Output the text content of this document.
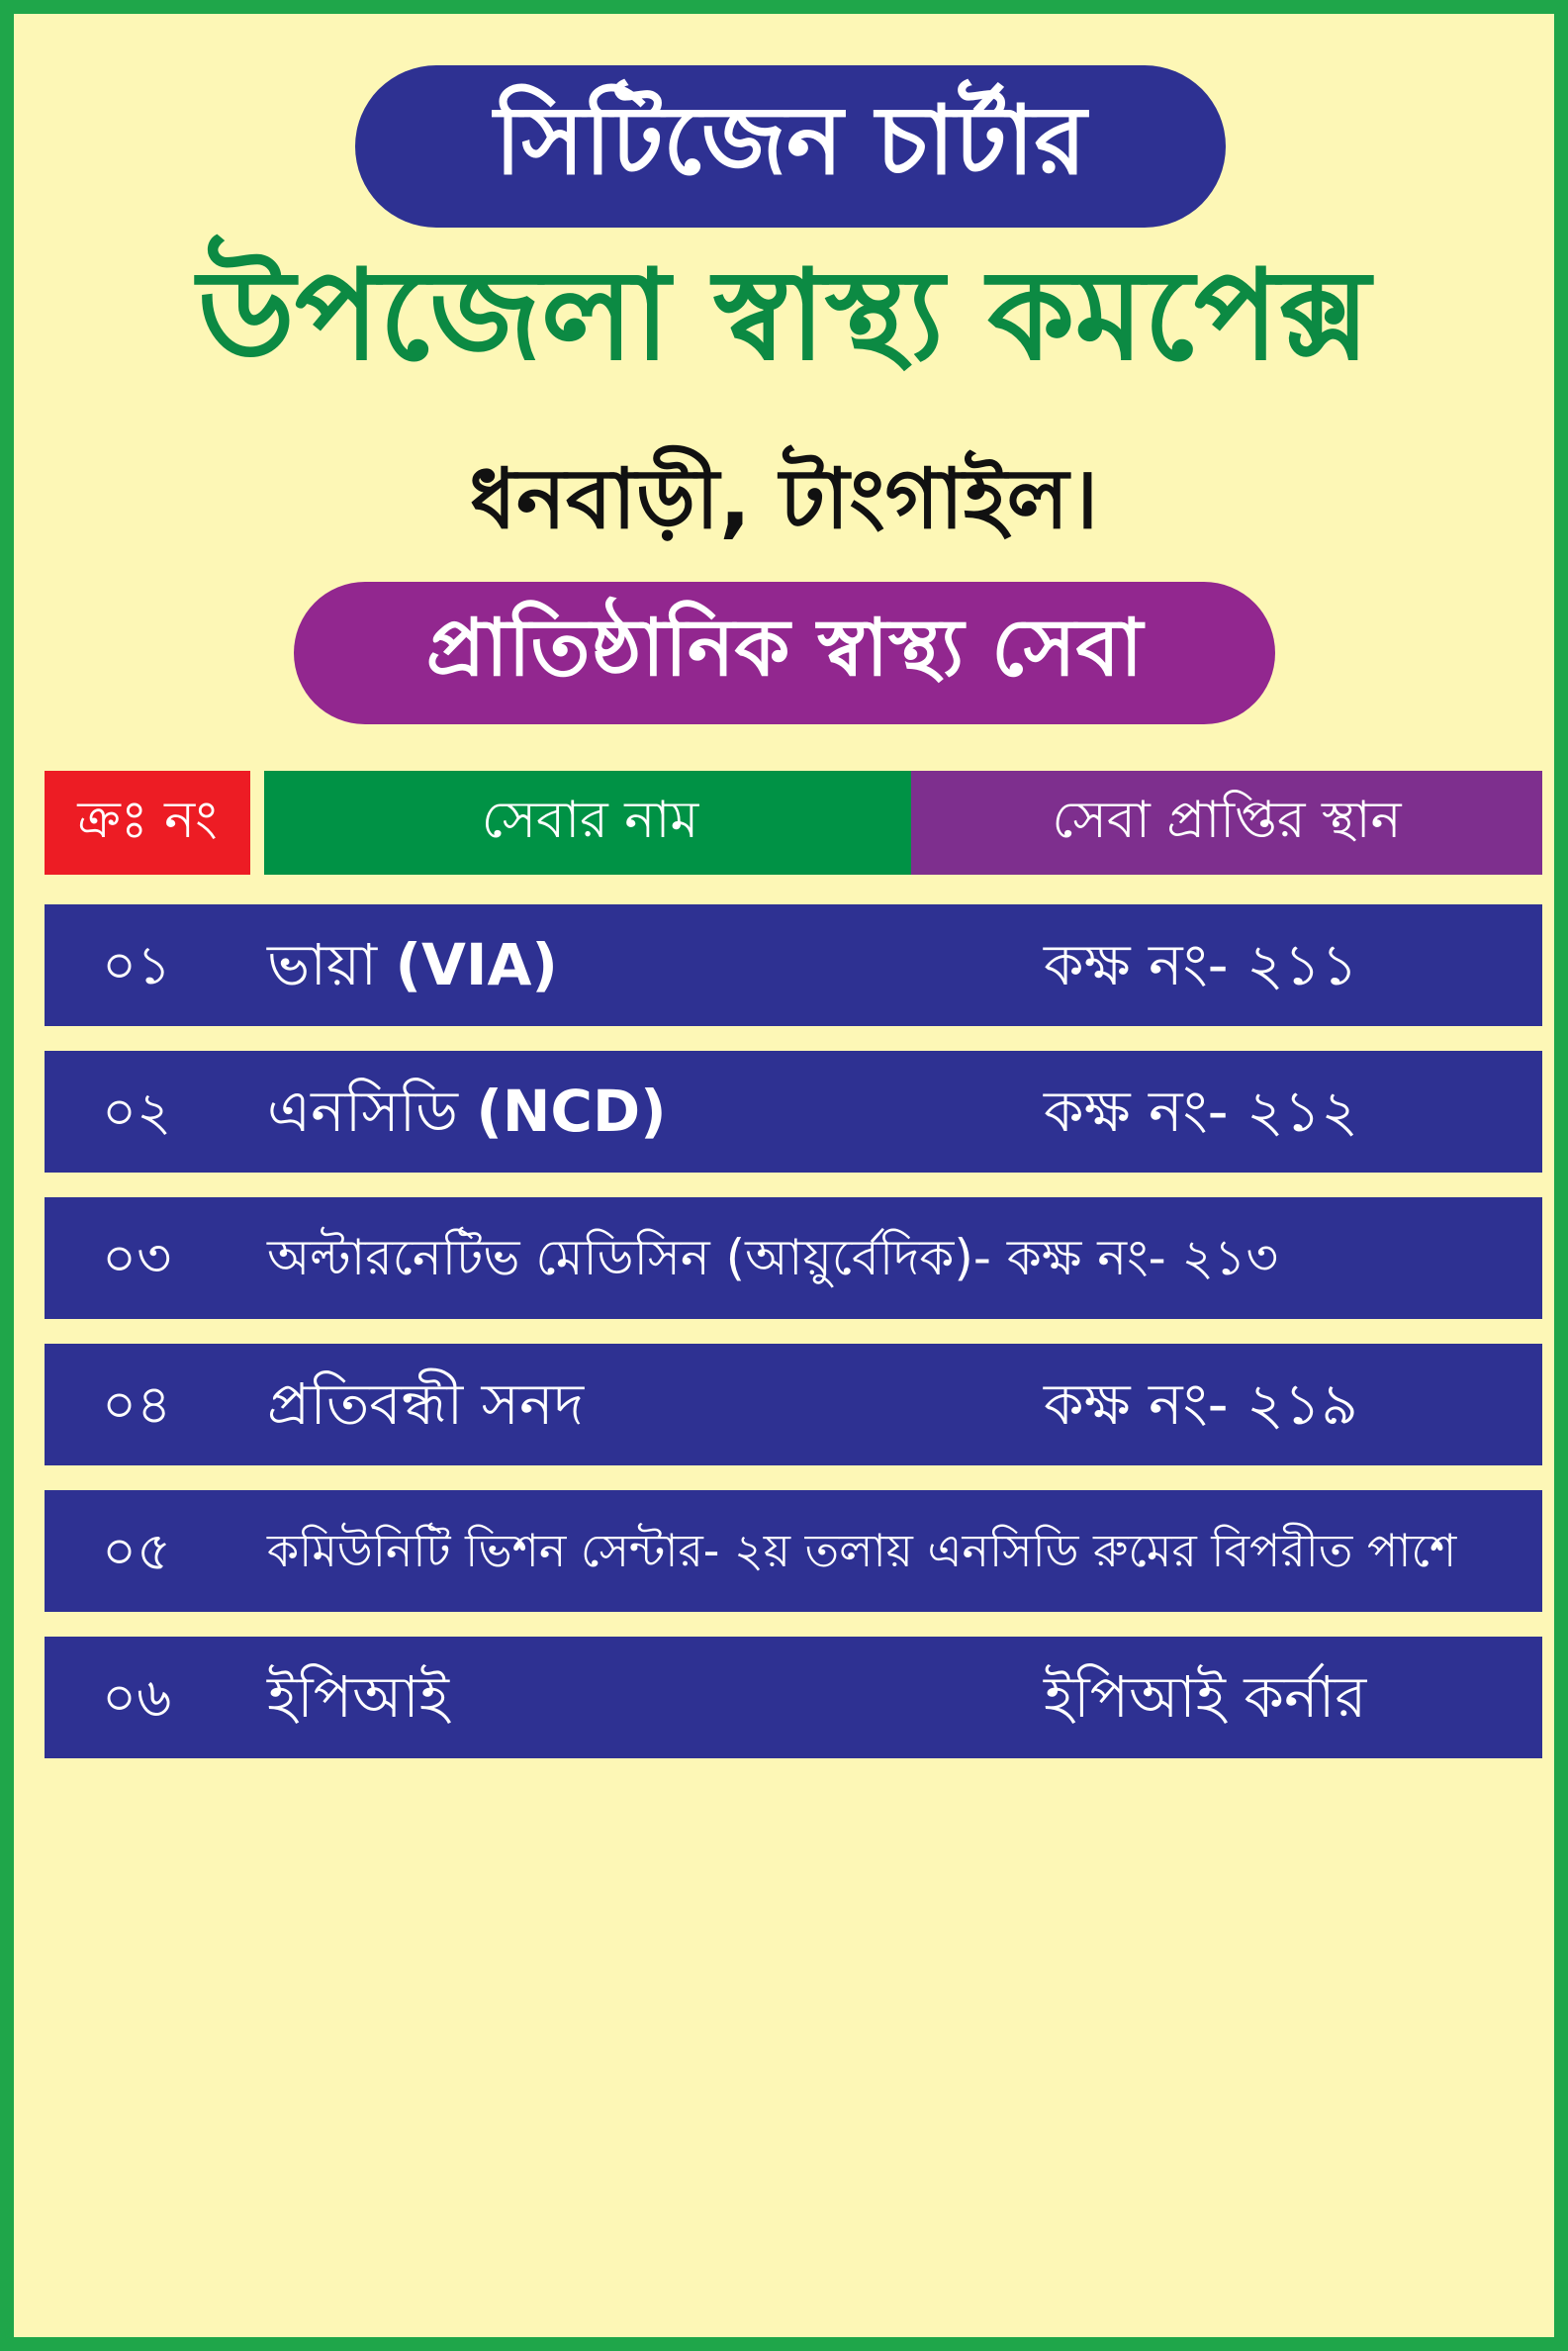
সিটিজেন চার্টার
উপজেলা স্বাস্থ্য কমপেক্স
ধনবাড়ী, টাংগাইল।
প্রাতিষ্ঠানিক স্বাস্থ্য সেবা
ক্রঃ নং	সেবার নাম	সেবা প্রাপ্তির স্থান
০১ ভায়া (VIA)	কক্ষ নং- ২১১
০২ এনসিডি (NCD)	কক্ষ নং- ২১২
০৩ অল্টারনেটিভ মেডিসিন (আয়ুর্বেদিক)- কক্ষ নং- ২১৩
০৪ প্রতিবন্ধী সনদ	কক্ষ নং- ২১৯
০৫ কমিউনিটি ভিশন সেন্টার- ২য় তলায় এনসিডি রুমের বিপরীত পাশে
০৬ ইপিআই	ইপিআই কর্নার
